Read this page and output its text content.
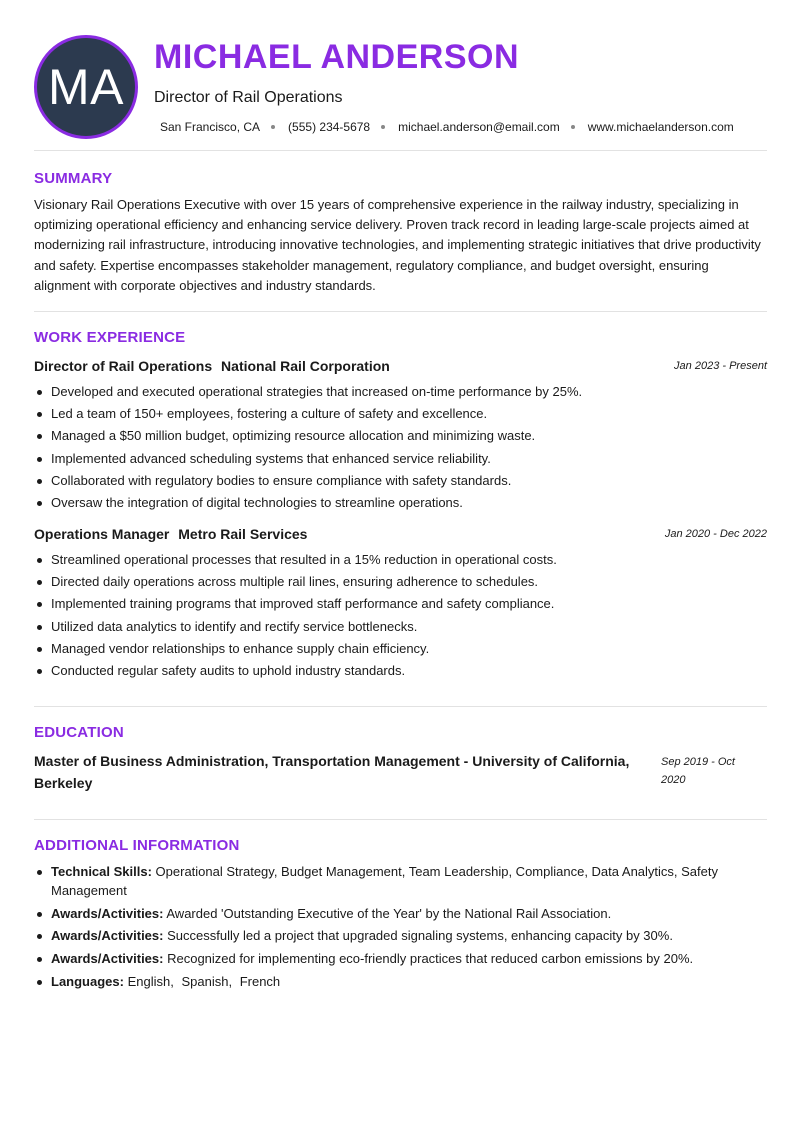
MA
MICHAEL ANDERSON
Director of Rail Operations
San Francisco, CA (555) 234-5678 michael.anderson@email.com www.michaelanderson.com
SUMMARY
Visionary Rail Operations Executive with over 15 years of comprehensive experience in the railway industry, specializing in optimizing operational efficiency and enhancing service delivery. Proven track record in leading large-scale projects aimed at modernizing rail infrastructure, introducing innovative technologies, and implementing strategic initiatives that drive productivity and safety. Expertise encompasses stakeholder management, regulatory compliance, and budget oversight, ensuring alignment with corporate objectives and industry standards.
WORK EXPERIENCE
Director of Rail Operations National Rail Corporation	Jan 2023 - Present
Developed and executed operational strategies that increased on-time performance by 25%.
Led a team of 150+ employees, fostering a culture of safety and excellence.
Managed a $50 million budget, optimizing resource allocation and minimizing waste.
Implemented advanced scheduling systems that enhanced service reliability.
Collaborated with regulatory bodies to ensure compliance with safety standards.
Oversaw the integration of digital technologies to streamline operations.
Operations Manager Metro Rail Services	Jan 2020 - Dec 2022
Streamlined operational processes that resulted in a 15% reduction in operational costs.
Directed daily operations across multiple rail lines, ensuring adherence to schedules.
Implemented training programs that improved staff performance and safety compliance.
Utilized data analytics to identify and rectify service bottlenecks.
Managed vendor relationships to enhance supply chain efficiency.
Conducted regular safety audits to uphold industry standards.
EDUCATION
Master of Business Administration, Transportation Management - University of California, Berkeley
Sep 2019 - Oct 2020
ADDITIONAL INFORMATION
Technical Skills: Operational Strategy, Budget Management, Team Leadership, Compliance, Data Analytics, Safety Management
Awards/Activities: Awarded 'Outstanding Executive of the Year' by the National Rail Association.
Awards/Activities: Successfully led a project that upgraded signaling systems, enhancing capacity by 30%.
Awards/Activities: Recognized for implementing eco-friendly practices that reduced carbon emissions by 20%.
Languages: English, Spanish, French
